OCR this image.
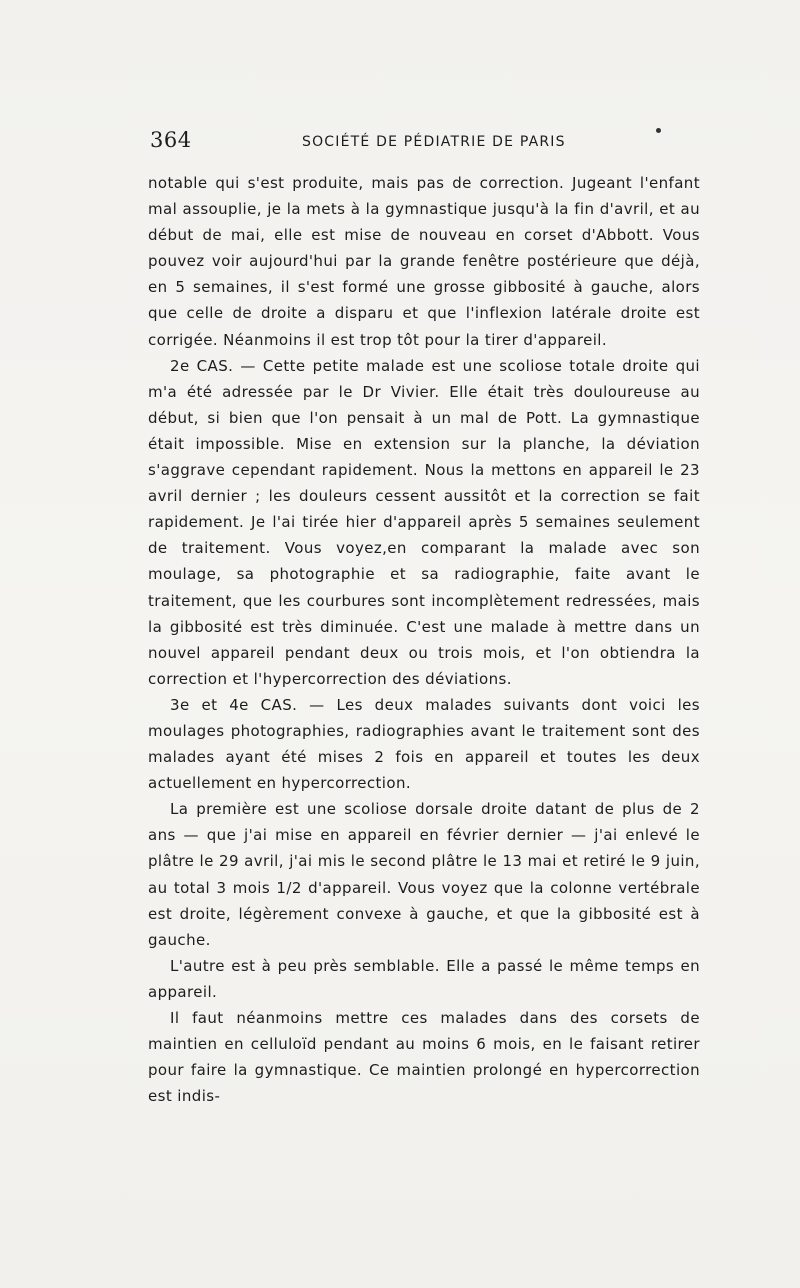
364	SOCIÉTÉ DE PÉDIATRIE DE PARIS

notable qui s'est produite, mais pas de correction. Jugeant l'enfant mal assouplie, je la mets à la gymnastique jusqu'à la fin d'avril, et au début de mai, elle est mise de nouveau en corset d'Abbott. Vous pouvez voir aujourd'hui par la grande fenêtre postérieure que déjà, en 5 semaines, il s'est formé une grosse gibbosité à gauche, alors que celle de droite a disparu et que l'inflexion latérale droite est corrigée. Néanmoins il est trop tôt pour la tirer d'appareil.

2e CAS. — Cette petite malade est une scoliose totale droite qui m'a été adressée par le Dr Vivier. Elle était très douloureuse au début, si bien que l'on pensait à un mal de Pott. La gymnastique était impossible. Mise en extension sur la planche, la déviation s'aggrave cependant rapidement. Nous la mettons en appareil le 23 avril dernier ; les douleurs cessent aussitôt et la correction se fait rapidement. Je l'ai tirée hier d'appareil après 5 semaines seulement de traitement. Vous voyez,en comparant la malade avec son moulage, sa photographie et sa radiographie, faite avant le traitement, que les courbures sont incomplètement redressées, mais la gibbosité est très diminuée. C'est une malade à mettre dans un nouvel appareil pendant deux ou trois mois, et l'on obtiendra la correction et l'hypercorrection des déviations.

3e et 4e CAS. — Les deux malades suivants dont voici les moulages photographies, radiographies avant le traitement sont des malades ayant été mises 2 fois en appareil et toutes les deux actuellement en hypercorrection.

La première est une scoliose dorsale droite datant de plus de 2 ans — que j'ai mise en appareil en février dernier — j'ai enlevé le plâtre le 29 avril, j'ai mis le second plâtre le 13 mai et retiré le 9 juin, au total 3 mois 1/2 d'appareil. Vous voyez que la colonne vertébrale est droite, légèrement convexe à gauche, et que la gibbosité est à gauche.

L'autre est à peu près semblable. Elle a passé le même temps en appareil.

Il faut néanmoins mettre ces malades dans des corsets de maintien en celluloïd pendant au moins 6 mois, en le faisant retirer pour faire la gymnastique. Ce maintien prolongé en hypercorrection est indis-
